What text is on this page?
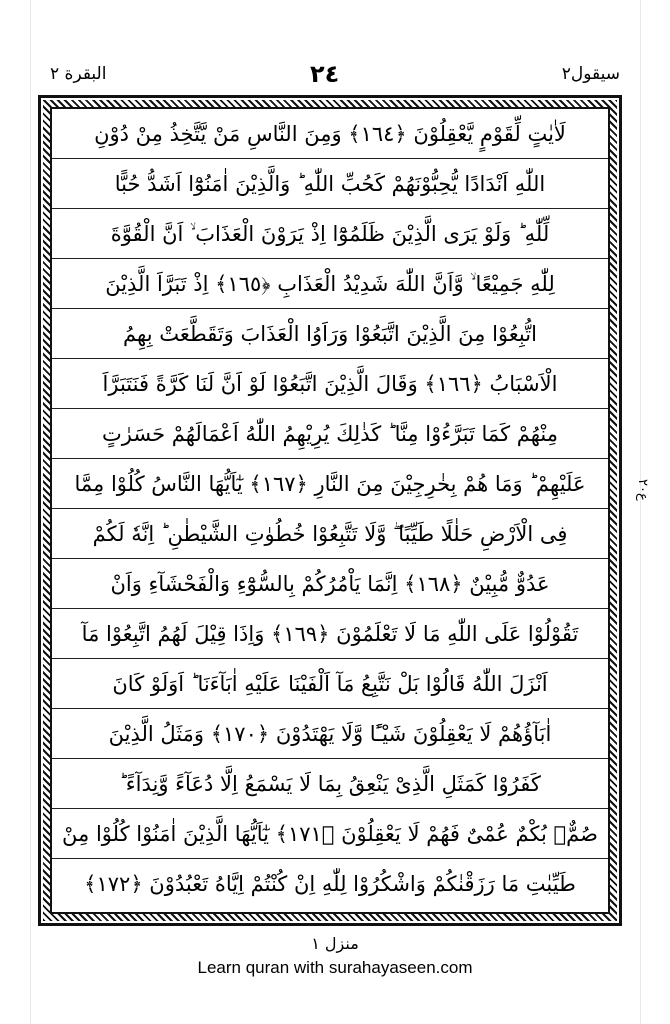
البقرة ٢	٢٤	سيقول٢
لَاٰيٰتٍ لِّقَوْمٍ يَّعْقِلُوْنَ ﴿١٦٤﴾ وَمِنَ النَّاسِ مَنْ يَّتَّخِذُ مِنْ دُوْنِ
اللّٰهِ اَنْدَادًا يُّحِبُّوْنَهُمْ كَحُبِّ اللّٰهِ ؕ وَالَّذِيْنَ اٰمَنُوْٓا اَشَدُّ حُبًّا
لِّلّٰهِ ؕ وَلَوْ يَرَى الَّذِيْنَ ظَلَمُوْٓا اِذْ يَرَوْنَ الْعَذَابَ ۙ اَنَّ الْقُوَّةَ
لِلّٰهِ جَمِيْعًا ۙ وَّاَنَّ اللّٰهَ شَدِيْدُ الْعَذَابِ ﴿١٦٥﴾ اِذْ تَبَرَّاَ الَّذِيْنَ
اتُّبِعُوْا مِنَ الَّذِيْنَ اتَّبَعُوْا وَرَاَوُا الْعَذَابَ وَتَقَطَّعَتْ بِهِمُ
الْاَسْبَابُ ﴿١٦٦﴾ وَقَالَ الَّذِيْنَ اتَّبَعُوْا لَوْ اَنَّ لَنَا كَرَّةً فَنَتَبَرَّاَ
مِنْهُمْ كَمَا تَبَرَّءُوْا مِنَّا ؕ كَذٰلِكَ يُرِيْهِمُ اللّٰهُ اَعْمَالَهُمْ حَسَرٰتٍ
عَلَيْهِمْ ؕ وَمَا هُمْ بِخٰرِجِيْنَ مِنَ النَّارِ ﴿١٦٧﴾ يٰٓاَيُّهَا النَّاسُ كُلُوْا مِمَّا
فِى الْاَرْضِ حَلٰلًا طَيِّبًا ۖ وَّلَا تَتَّبِعُوْا خُطُوٰتِ الشَّيْطٰنِ ؕ اِنَّهٗ لَكُمْ
عَدُوٌّ مُّبِيْنٌ ﴿١٦٨﴾ اِنَّمَا يَاْمُرُكُمْ بِالسُّوْٓءِ وَالْفَحْشَآءِ وَاَنْ
تَقُوْلُوْا عَلَى اللّٰهِ مَا لَا تَعْلَمُوْنَ ﴿١٦٩﴾ وَاِذَا قِيْلَ لَهُمُ اتَّبِعُوْا مَآ
اَنْزَلَ اللّٰهُ قَالُوْا بَلْ نَتَّبِعُ مَآ اَلْفَيْنَا عَلَيْهِ اٰبَآءَنَا ؕ اَوَلَوْ كَانَ
اٰبَآؤُهُمْ لَا يَعْقِلُوْنَ شَيْـًٔا وَّلَا يَهْتَدُوْنَ ﴿١٧٠﴾ وَمَثَلُ الَّذِيْنَ
كَفَرُوْا كَمَثَلِ الَّذِىْ يَنْعِقُ بِمَا لَا يَسْمَعُ اِلَّا دُعَآءً وَّنِدَآءً ؕ
صُمٌّۢ بُكْمٌ عُمْىٌ فَهُمْ لَا يَعْقِلُوْنَ ﴿١٧١﴾ يٰٓاَيُّهَا الَّذِيْنَ اٰمَنُوْا كُلُوْا مِنْ
طَيِّبٰتِ مَا رَزَقْنٰكُمْ وَاشْكُرُوْا لِلّٰهِ اِنْ كُنْتُمْ اِيَّاهُ تَعْبُدُوْنَ ﴿١٧٢﴾
ع٢٠
منزل ١
Learn quran with surahayaseen.com
